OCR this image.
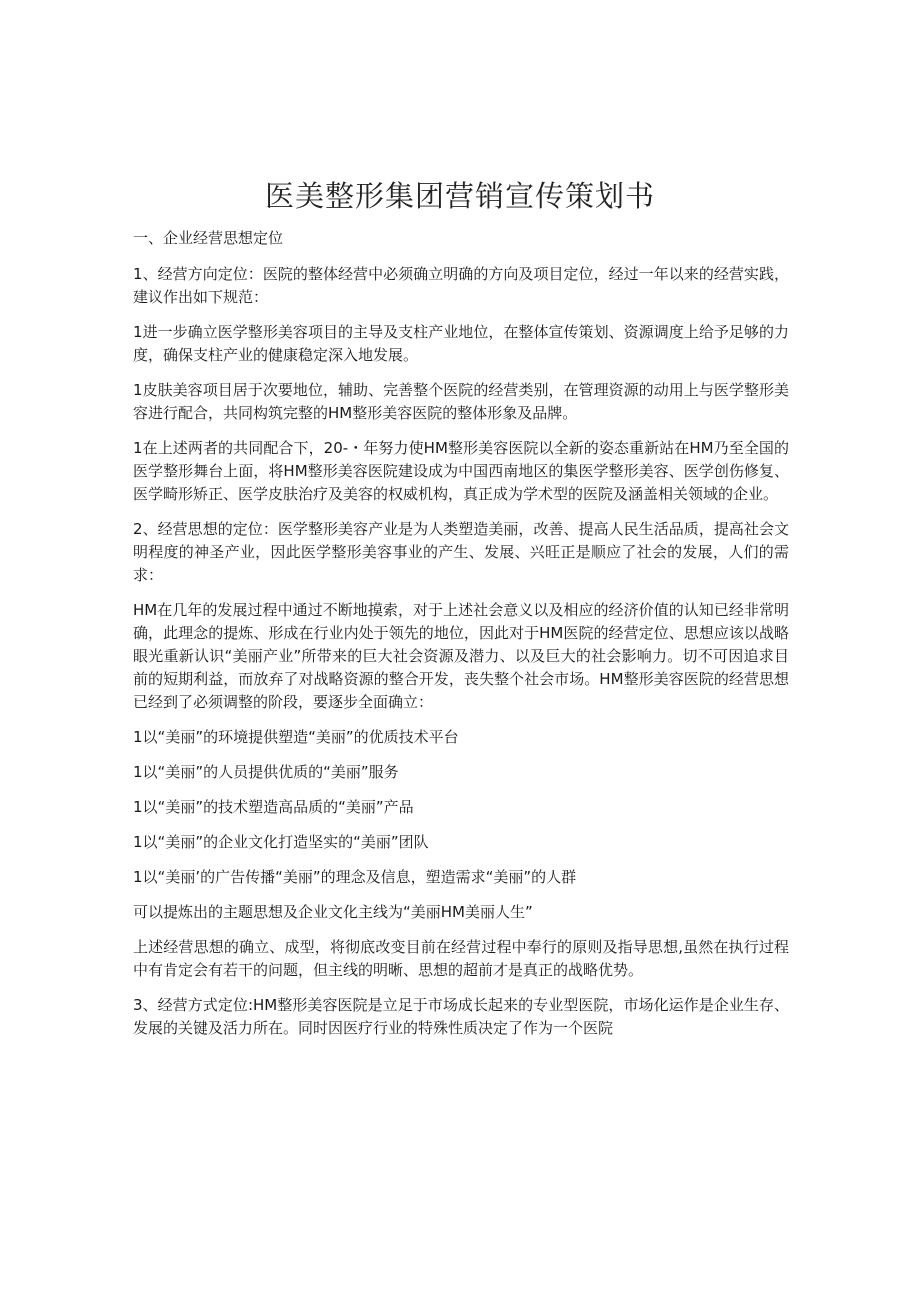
医美整形集团营销宣传策划书

一、企业经营思想定位

1、经营方向定位：医院的整体经营中必须确立明确的方向及项目定位，经过一年以来的经营实践，建议作出如下规范：

1进一步确立医学整形美容项目的主导及支柱产业地位，在整体宣传策划、资源调度上给予足够的力度，确保支柱产业的健康稳定深入地发展。

1皮肤美容项目居于次要地位，辅助、完善整个医院的经营类别，在管理资源的动用上与医学整形美容进行配合，共同构筑完整的HM整形美容医院的整体形象及品牌。

1在上述两者的共同配合下，20-・年努力使HM整形美容医院以全新的姿态重新站在HM乃至全国的医学整形舞台上面，将HM整形美容医院建设成为中国西南地区的集医学整形美容、医学创伤修复、医学畸形矫正、医学皮肤治疗及美容的权威机构，真正成为学术型的医院及涵盖相关领域的企业。

2、经营思想的定位：医学整形美容产业是为人类塑造美丽，改善、提高人民生活品质，提高社会文明程度的神圣产业，因此医学整形美容事业的产生、发展、兴旺正是顺应了社会的发展，人们的需求：

HM在几年的发展过程中通过不断地摸索，对于上述社会意义以及相应的经济价值的认知已经非常明确，此理念的提炼、形成在行业内处于领先的地位，因此对于HM医院的经营定位、思想应该以战略眼光重新认识“美丽产业”所带来的巨大社会资源及潜力、以及巨大的社会影响力。切不可因追求目前的短期利益，而放弃了对战略资源的整合开发，丧失整个社会市场。HM整形美容医院的经营思想已经到了必须调整的阶段，要逐步全面确立：

1以“美丽”的环境提供塑造“美丽”的优质技术平台

1以“美丽”的人员提供优质的“美丽”服务

1以“美丽”的技术塑造高品质的“美丽”产品

1以“美丽”的企业文化打造坚实的“美丽”团队

1以“美丽’的广告传播“美丽”的理念及信息，塑造需求“美丽”的人群

可以提炼出的主题思想及企业文化主线为“美丽HM美丽人生”

上述经营思想的确立、成型，将彻底改变目前在经营过程中奉行的原则及指导思想,虽然在执行过程中有肯定会有若干的问题，但主线的明晰、思想的超前才是真正的战略优势。

3、经营方式定位:HM整形美容医院是立足于市场成长起来的专业型医院，市场化运作是企业生存、发展的关键及活力所在。同时因医疗行业的特殊性质决定了作为一个医院
